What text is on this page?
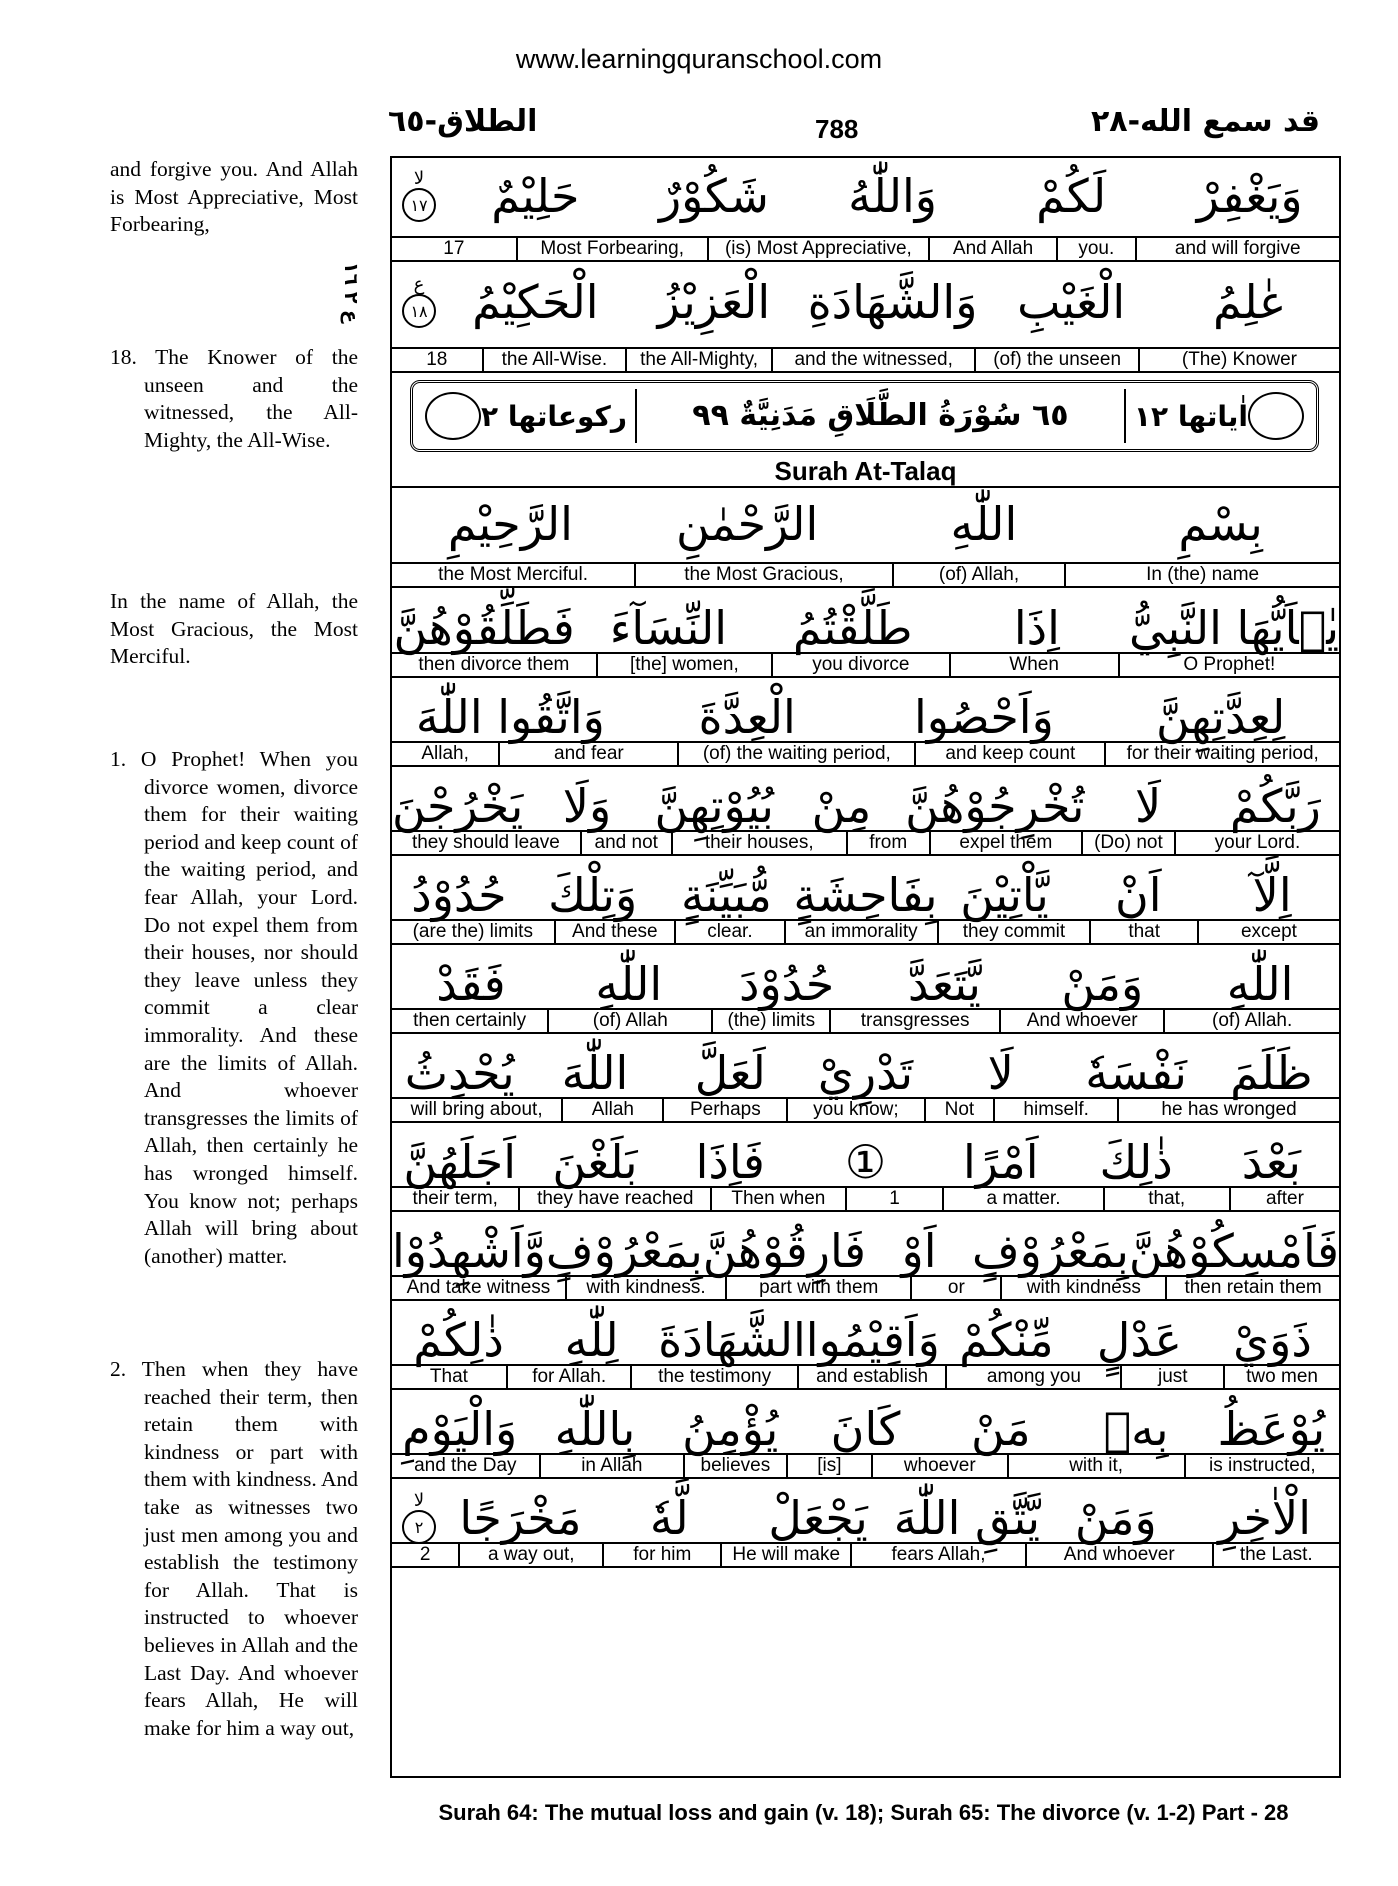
www.learningquranschool.com
الطلاق-٦٥	788	قد سمع الله-٢٨
ع ٢ ١٦
and forgive you. And Allah is Most Appreciative, Most Forbearing,
18. The Knower of the unseen and the witnessed, the All-Mighty, the All-Wise.
In the name of Allah, the Most Gracious, the Most Merciful.
1. O Prophet! When you divorce women, divorce them for their waiting period and keep count of the waiting period, and fear Allah, your Lord. Do not expel them from their houses, nor should they leave unless they commit a clear immorality. And these are the limits of Allah. And whoever transgresses the limits of Allah, then certainly he has wronged himself. You know not; perhaps Allah will bring about (another) matter.
2. Then when they have reached their term, then retain them with kindness or part with them with kindness. And take as witnesses two just men among you and establish the testimony for Allah. That is instructed to whoever believes in Allah and the Last Day. And whoever fears Allah, He will make for him a way out,
اٰياتها ١٢
٦٥ سُوْرَةُ الطَّلَاقِ مَدَنِيَّةٌ ٩٩
رکوعاتها ٢
Surah At-Talaq
وَيَغْفِرْ
لَكُمْ
وَاللّٰهُ
شَكُوْرٌ
حَلِيْمٌ
لا
١٧
and will forgive
you.
And Allah
(is) Most Appreciative,
Most Forbearing,
17
عٰلِمُ
الْغَيْبِ
وَالشَّهَادَةِ
الْعَزِيْزُ
الْحَكِيْمُ
ع
١٨
(The) Knower
(of) the unseen
and the witnessed,
the All-Mighty,
the All-Wise.
18
بِسْمِ
اللّٰهِ
الرَّحْمٰنِ
الرَّحِيْمِ
In (the) name
(of) Allah,
the Most Gracious,
the Most Merciful.
يٰۤاَيُّهَا النَّبِيُّ
اِذَا
طَلَّقْتُمُ
النِّسَآءَ
فَطَلِّقُوْهُنَّ
O Prophet!
When
you divorce
[the] women,
then divorce them
لِعِدَّتِهِنَّ
وَاَحْصُوا
الْعِدَّةَ
وَاتَّقُوا اللّٰهَ
for their waiting period,
and keep count
(of) the waiting period,
and fear
Allah,
رَبَّكُمْ
لَا
تُخْرِجُوْهُنَّ
مِنْ
بُيُوْتِهِنَّ
وَلَا
يَخْرُجْنَ
your Lord.
(Do) not
expel them
from
their houses,
and not
they should leave
اِلَّآ
اَنْ
يَّاْتِيْنَ
بِفَاحِشَةٍ
مُّبَيِّنَةٍ
وَتِلْكَ
حُدُوْدُ
except
that
they commit
an immorality
clear.
And these
(are the) limits
اللّٰهِ
وَمَنْ
يَّتَعَدَّ
حُدُوْدَ
اللّٰهِ
فَقَدْ
(of) Allah.
And whoever
transgresses
(the) limits
(of) Allah
then certainly
ظَلَمَ
نَفْسَهٗ
لَا
تَدْرِيْ
لَعَلَّ
اللّٰهَ
يُحْدِثُ
he has wronged
himself.
Not
you know;
Perhaps
Allah
will bring about,
بَعْدَ
ذٰلِكَ
اَمْرًا
①
فَاِذَا
بَلَغْنَ
اَجَلَهُنَّ
after
that,
a matter.
1
Then when
they have reached
their term,
فَاَمْسِكُوْهُنَّ
بِمَعْرُوْفٍ
اَوْ
فَارِقُوْهُنَّ
بِمَعْرُوْفٍ
وَّاَشْهِدُوْا
then retain them
with kindness
or
part with them
with kindness.
And take witness
ذَوَيْ
عَدْلٍ
مِّنْكُمْ
وَاَقِيْمُوا
الشَّهَادَةَ
لِلّٰهِ
ذٰلِكُمْ
two men
just
among you
and establish
the testimony
for Allah.
That
يُوْعَظُ
بِهٖ
مَنْ
كَانَ
يُؤْمِنُ
بِاللّٰهِ
وَالْيَوْمِ
is instructed,
with it,
whoever
[is]
believes
in Allah
and the Day
الْاٰخِرِ
وَمَنْ
يَّتَّقِ اللّٰهَ
يَجْعَلْ
لَّهٗ
مَخْرَجًا
لا
٢
the Last.
And whoever
fears Allah,
He will make
for him
a way out,
2
Surah 64: The mutual loss and gain (v. 18); Surah 65: The divorce (v. 1-2) Part - 28
